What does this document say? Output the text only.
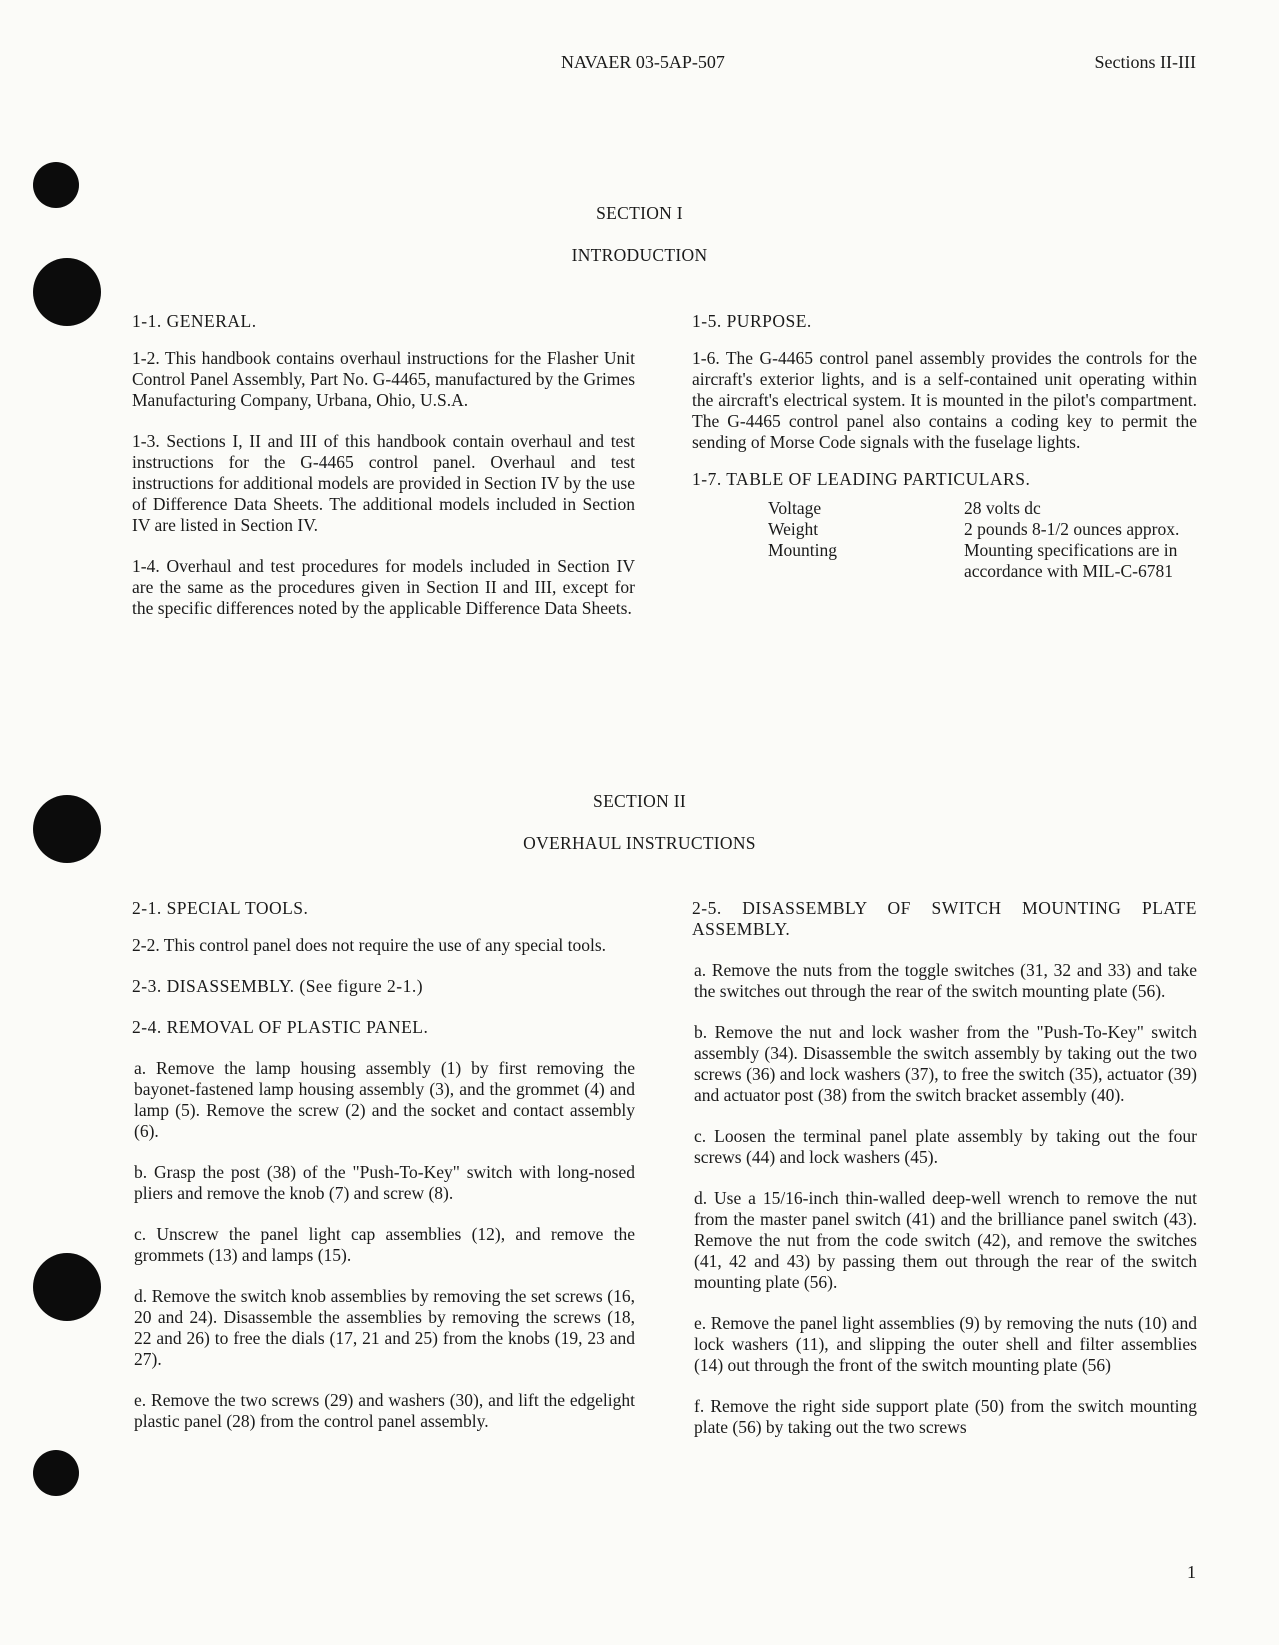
NAVAER 03-5AP-507	Sections II-III
SECTION I
INTRODUCTION

1-1. GENERAL.

1-2. This handbook contains overhaul instructions for the Flasher Unit Control Panel Assembly, Part No. G-4465, manufactured by the Grimes Manufacturing Company, Urbana, Ohio, U.S.A.

1-3. Sections I, II and III of this handbook contain overhaul and test instructions for the G-4465 control panel. Overhaul and test instructions for additional models are provided in Section IV by the use of Difference Data Sheets. The additional models included in Section IV are listed in Section IV.

1-4. Overhaul and test procedures for models included in Section IV are the same as the procedures given in Section II and III, except for the specific differences noted by the applicable Difference Data Sheets.

1-5. PURPOSE.

1-6. The G-4465 control panel assembly provides the controls for the aircraft's exterior lights, and is a self-contained unit operating within the aircraft's electrical system. It is mounted in the pilot's compartment. The G-4465 control panel also contains a coding key to permit the sending of Morse Code signals with the fuselage lights.

1-7. TABLE OF LEADING PARTICULARS.

Voltage	28 volts dc
Weight	2 pounds 8-1/2 ounces approx.
Mounting	Mounting specifications are in accordance with MIL-C-6781
SECTION II
OVERHAUL INSTRUCTIONS

2-1. SPECIAL TOOLS.

2-2. This control panel does not require the use of any special tools.

2-3. DISASSEMBLY. (See figure 2-1.)

2-4. REMOVAL OF PLASTIC PANEL.

a. Remove the lamp housing assembly (1) by first removing the bayonet-fastened lamp housing assembly (3), and the grommet (4) and lamp (5). Remove the screw (2) and the socket and contact assembly (6).

b. Grasp the post (38) of the "Push-To-Key" switch with long-nosed pliers and remove the knob (7) and screw (8).

c. Unscrew the panel light cap assemblies (12), and remove the grommets (13) and lamps (15).

d. Remove the switch knob assemblies by removing the set screws (16, 20 and 24). Disassemble the assemblies by removing the screws (18, 22 and 26) to free the dials (17, 21 and 25) from the knobs (19, 23 and 27).

e. Remove the two screws (29) and washers (30), and lift the edgelight plastic panel (28) from the control panel assembly.

2-5. DISASSEMBLY OF SWITCH MOUNTING PLATE ASSEMBLY.

a. Remove the nuts from the toggle switches (31, 32 and 33) and take the switches out through the rear of the switch mounting plate (56).

b. Remove the nut and lock washer from the "Push-To-Key" switch assembly (34). Disassemble the switch assembly by taking out the two screws (36) and lock washers (37), to free the switch (35), actuator (39) and actuator post (38) from the switch bracket assembly (40).

c. Loosen the terminal panel plate assembly by taking out the four screws (44) and lock washers (45).

d. Use a 15/16-inch thin-walled deep-well wrench to remove the nut from the master panel switch (41) and the brilliance panel switch (43). Remove the nut from the code switch (42), and remove the switches (41, 42 and 43) by passing them out through the rear of the switch mounting plate (56).

e. Remove the panel light assemblies (9) by removing the nuts (10) and lock washers (11), and slipping the outer shell and filter assemblies (14) out through the front of the switch mounting plate (56)

f. Remove the right side support plate (50) from the switch mounting plate (56) by taking out the two screws

1
